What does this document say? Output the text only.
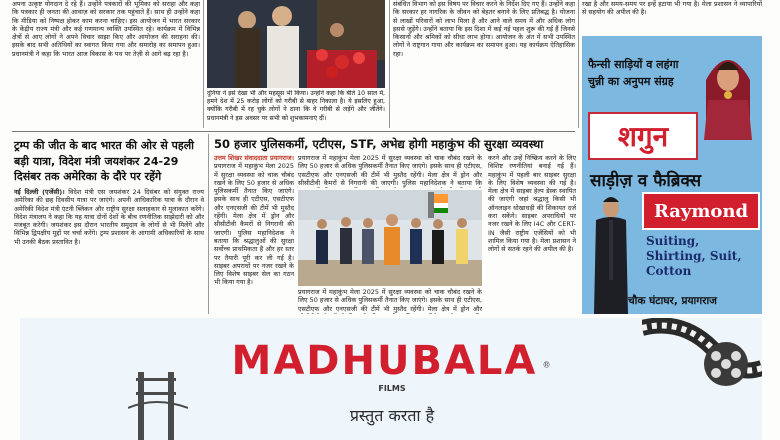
अपना उत्कृष्ट योगदान दे रहे हैं। उन्होंने पत्रकारों की भूमिका को सराहा और कहा कि पत्रकार ही जनता की आवाज़ को सरकार तक पहुंचाते हैं। साथ ही उन्होंने कहा कि मीडिया को निष्पक्ष होकर काम करना चाहिए। इस आयोजन में भारत सरकार के केंद्रीय राज्य मंत्री और कई गणमान्य व्यक्ति उपस्थित रहे। कार्यक्रम में विभिन्न क्षेत्रों से आए लोगों ने अपने विचार साझा किए और आयोजन की सराहना की। इसके बाद सभी अतिथियों का स्वागत किया गया और समारोह का समापन हुआ। प्रधानमंत्री ने कहा कि भारत आज विकास के पथ पर तेज़ी से आगे बढ़ रहा है।
दुनिया ने इसे देखा भी और महसूस भी किया। उन्होंने कहा कि बीते 10 साल में, हमने देश में 25 करोड़ लोगों को गरीबी से बाहर निकाला है। ये इसलिए हुआ, क्योंकि गरीबी में रह चुके लोगों ने ठाना कि वे गरीबी से लड़ेंगे और जीतेंगे। प्रधानमंत्री ने इस अवसर पर सभी को शुभकामनाएं दीं।
संबंधित विभाग को इस विषय पर विचार करने के निर्देश दिए गए हैं। उन्होंने कहा कि सरकार हर नागरिक के जीवन को बेहतर बनाने के लिए प्रतिबद्ध है। योजना से लाखों परिवारों को लाभ मिला है और आने वाले समय में और अधिक लोग इससे जुड़ेंगे। उन्होंने बताया कि इस दिशा में कई नई पहल शुरू की गई हैं जिनसे किसानों और श्रमिकों को सीधा लाभ होगा। आयोजन के अंत में सभी उपस्थित लोगों ने राष्ट्रगान गाया और कार्यक्रम का समापन हुआ। यह कार्यक्रम ऐतिहासिक रहा।
रखा है और समय-समय पर इन्हें हटाया भी गया है। मेला प्रशासन ने व्यापारियों से सहयोग की अपील की है।
फैन्सी साड़ियों व लहंगा चुन्नी का अनुपम संग्रह
शगुन
साड़ीज़ व फैब्रिक्स
Raymond
Suiting, Shirting, Suit, Cotton
चौक घंटाघर, प्रयागराज
ट्रम्प की जीत के बाद भारत की ओर से पहली बड़ी यात्रा, विदेश मंत्री जयशंकर 24-29 दिसंबर तक अमेरिका के दौरे पर रहेंगे
नई दिल्ली (एजेंसी)। विदेश मंत्री एस जयशंकर 24 दिसंबर को संयुक्त राज्य अमेरिका की छह दिवसीय यात्रा पर जाएंगे। अपनी आधिकारिक यात्रा के दौरान वे अमेरिकी विदेश मंत्री एंटनी ब्लिंकन और राष्ट्रीय सुरक्षा सलाहकार से मुलाकात करेंगे। विदेश मंत्रालय ने कहा कि यह यात्रा दोनों देशों के बीच रणनीतिक साझेदारी को और मजबूत करेगी। जयशंकर इस दौरान भारतीय समुदाय के लोगों से भी मिलेंगे और विभिन्न द्विपक्षीय मुद्दों पर चर्चा करेंगे। ट्रम्प प्रशासन के आगामी अधिकारियों के साथ भी उनकी बैठक प्रस्तावित है।
50 हजार पुलिसकर्मी, एटीएस, STF, अभेद्य होगी महाकुंभ की सुरक्षा व्यवस्था
उत्तम शिखर संवाददाता प्रयागराज। प्रयागराज में महाकुंभ मेला 2025 में सुरक्षा व्यवस्था को चाक चौबंद रखने के लिए 50 हजार से अधिक पुलिसकर्मी तैनात किए जाएंगे। इसके साथ ही एटीएस, एसटीएफ और एनएसजी की टीमें भी मुस्तैद रहेंगी। मेला क्षेत्र में ड्रोन और सीसीटीवी कैमरों से निगरानी की जाएगी। पुलिस महानिदेशक ने बताया कि श्रद्धालुओं की सुरक्षा सर्वोच्च प्राथमिकता है और हर स्तर पर तैयारी पूरी कर ली गई है। साइबर अपराधों पर नजर रखने के लिए विशेष साइबर सेल का गठन भी किया गया है।
प्रयागराज में महाकुंभ मेला 2025 में सुरक्षा व्यवस्था को चाक चौबंद रखने के लिए 50 हजार से अधिक पुलिसकर्मी तैनात किए जाएंगे। इसके साथ ही एटीएस, एसटीएफ और एनएसजी की टीमें भी मुस्तैद रहेंगी। मेला क्षेत्र में ड्रोन और सीसीटीवी कैमरों से निगरानी की जाएगी। पुलिस महानिदेशक ने बताया कि
प्रयागराज में महाकुंभ मेला 2025 में सुरक्षा व्यवस्था को चाक चौबंद रखने के लिए 50 हजार से अधिक पुलिसकर्मी तैनात किए जाएंगे। इसके साथ ही एटीएस, एसटीएफ और एनएसजी की टीमें भी मुस्तैद रहेंगी। मेला क्षेत्र में ड्रोन और
करने और उन्हें निष्क्रिय करने के लिए विशिष्ट रणनीतियां बनाई गई हैं। महाकुंभ में पहली बार साइबर सुरक्षा के लिए विशेष व्यवस्था की गई है। मेला क्षेत्र में साइबर हेल्प डेस्क स्थापित की जाएंगी जहां श्रद्धालु किसी भी ऑनलाइन धोखाधड़ी की शिकायत दर्ज करा सकेंगे। साइबर अपराधियों पर नजर रखने के लिए I4C और CERT-IN जैसी राष्ट्रीय एजेंसियों को भी शामिल किया गया है। मेला प्रशासन ने लोगों से सतर्क रहने की अपील की है।
MADHUBALA ®
FILMS
प्रस्तुत करता है
